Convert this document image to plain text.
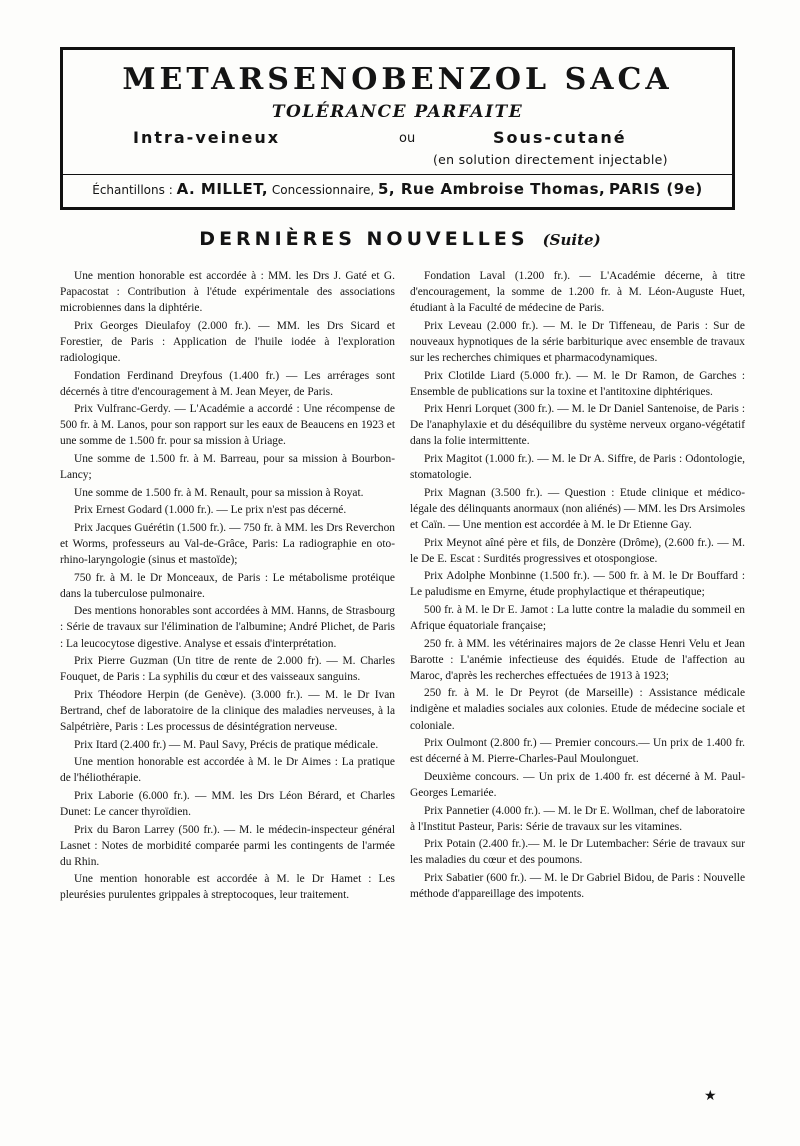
METARSENOBENZOL SACA
TOLÉRANCE PARFAITE
Intra-veineux	ou	Sous-cutané
(en solution directement injectable)
Échantillons : A. MILLET, Concessionnaire, 5, Rue Ambroise Thomas, PARIS (9e)
DERNIÈRES NOUVELLES (Suite)

Une mention honorable est accordée à : MM. les Drs J. Gaté et G. Papacostat : Contribution à l'étude expérimentale des associations microbiennes dans la diphtérie.

Prix Georges Dieulafoy (2.000 fr.). — MM. les Drs Sicard et Forestier, de Paris : Application de l'huile iodée à l'exploration radiologique.

Fondation Ferdinand Dreyfous (1.400 fr.) — Les arrérages sont décernés à titre d'encouragement à M. Jean Meyer, de Paris.

Prix Vulfranc-Gerdy. — L'Académie a accordé : Une récompense de 500 fr. à M. Lanos, pour son rapport sur les eaux de Beaucens en 1923 et une somme de 1.500 fr. pour sa mission à Uriage.

Une somme de 1.500 fr. à M. Barreau, pour sa mission à Bourbon-Lancy;

Une somme de 1.500 fr. à M. Renault, pour sa mission à Royat.

Prix Ernest Godard (1.000 fr.). — Le prix n'est pas décerné.

Prix Jacques Guérétin (1.500 fr.). — 750 fr. à MM. les Drs Reverchon et Worms, professeurs au Val-de-Grâce, Paris: La radiographie en oto-rhino-laryngologie (sinus et mastoïde);

750 fr. à M. le Dr Monceaux, de Paris : Le métabolisme protéique dans la tuberculose pulmonaire.

Des mentions honorables sont accordées à MM. Hanns, de Strasbourg : Série de travaux sur l'élimination de l'albumine; André Plichet, de Paris : La leucocytose digestive. Analyse et essais d'interprétation.

Prix Pierre Guzman (Un titre de rente de 2.000 fr). — M. Charles Fouquet, de Paris : La syphilis du cœur et des vaisseaux sanguins.

Prix Théodore Herpin (de Genève). (3.000 fr.). — M. le Dr Ivan Bertrand, chef de laboratoire de la clinique des maladies nerveuses, à la Salpétrière, Paris : Les processus de désintégration nerveuse.

Prix Itard (2.400 fr.) — M. Paul Savy, Précis de pratique médicale.

Une mention honorable est accordée à M. le Dr Aimes : La pratique de l'héliothérapie.

Prix Laborie (6.000 fr.). — MM. les Drs Léon Bérard, et Charles Dunet: Le cancer thyroïdien.

Prix du Baron Larrey (500 fr.). — M. le médecin-inspecteur général Lasnet : Notes de morbidité comparée parmi les contingents de l'armée du Rhin.

Une mention honorable est accordée à M. le Dr Hamet : Les pleurésies purulentes grippales à streptocoques, leur traitement.

Fondation Laval (1.200 fr.). — L'Académie décerne, à titre d'encouragement, la somme de 1.200 fr. à M. Léon-Auguste Huet, étudiant à la Faculté de médecine de Paris.

Prix Leveau (2.000 fr.). — M. le Dr Tiffeneau, de Paris : Sur de nouveaux hypnotiques de la série barbiturique avec ensemble de travaux sur les recherches chimiques et pharmacodynamiques.

Prix Clotilde Liard (5.000 fr.). — M. le Dr Ramon, de Garches : Ensemble de publications sur la toxine et l'antitoxine diphtériques.

Prix Henri Lorquet (300 fr.). — M. le Dr Daniel Santenoise, de Paris : De l'anaphylaxie et du déséquilibre du système nerveux organo-végétatif dans la folie intermittente.

Prix Magitot (1.000 fr.). — M. le Dr A. Siffre, de Paris : Odontologie, stomatologie.

Prix Magnan (3.500 fr.). — Question : Etude clinique et médico-légale des délinquants anormaux (non aliénés) — MM. les Drs Arsimoles et Caïn. — Une mention est accordée à M. le Dr Etienne Gay.

Prix Meynot aîné père et fils, de Donzère (Drôme), (2.600 fr.). — M. le De E. Escat : Surdités progressives et otospongiose.

Prix Adolphe Monbinne (1.500 fr.). — 500 fr. à M. le Dr Bouffard : Le paludisme en Emyrne, étude prophylactique et thérapeutique;

500 fr. à M. le Dr E. Jamot : La lutte contre la maladie du sommeil en Afrique équatoriale française;

250 fr. à MM. les vétérinaires majors de 2e classe Henri Velu et Jean Barotte : L'anémie infectieuse des équidés. Etude de l'affection au Maroc, d'après les recherches effectuées de 1913 à 1923;

250 fr. à M. le Dr Peyrot (de Marseille) : Assistance médicale indigène et maladies sociales aux colonies. Etude de médecine sociale et coloniale.

Prix Oulmont (2.800 fr.) — Premier concours.— Un prix de 1.400 fr. est décerné à M. Pierre-Charles-Paul Moulonguet.

Deuxième concours. — Un prix de 1.400 fr. est décerné à M. Paul-Georges Lemariée.

Prix Pannetier (4.000 fr.). — M. le Dr E. Wollman, chef de laboratoire à l'Institut Pasteur, Paris: Série de travaux sur les vitamines.

Prix Potain (2.400 fr.).— M. le Dr Lutembacher: Série de travaux sur les maladies du cœur et des poumons.

Prix Sabatier (600 fr.). — M. le Dr Gabriel Bidou, de Paris : Nouvelle méthode d'appareillage des impotents.

★
